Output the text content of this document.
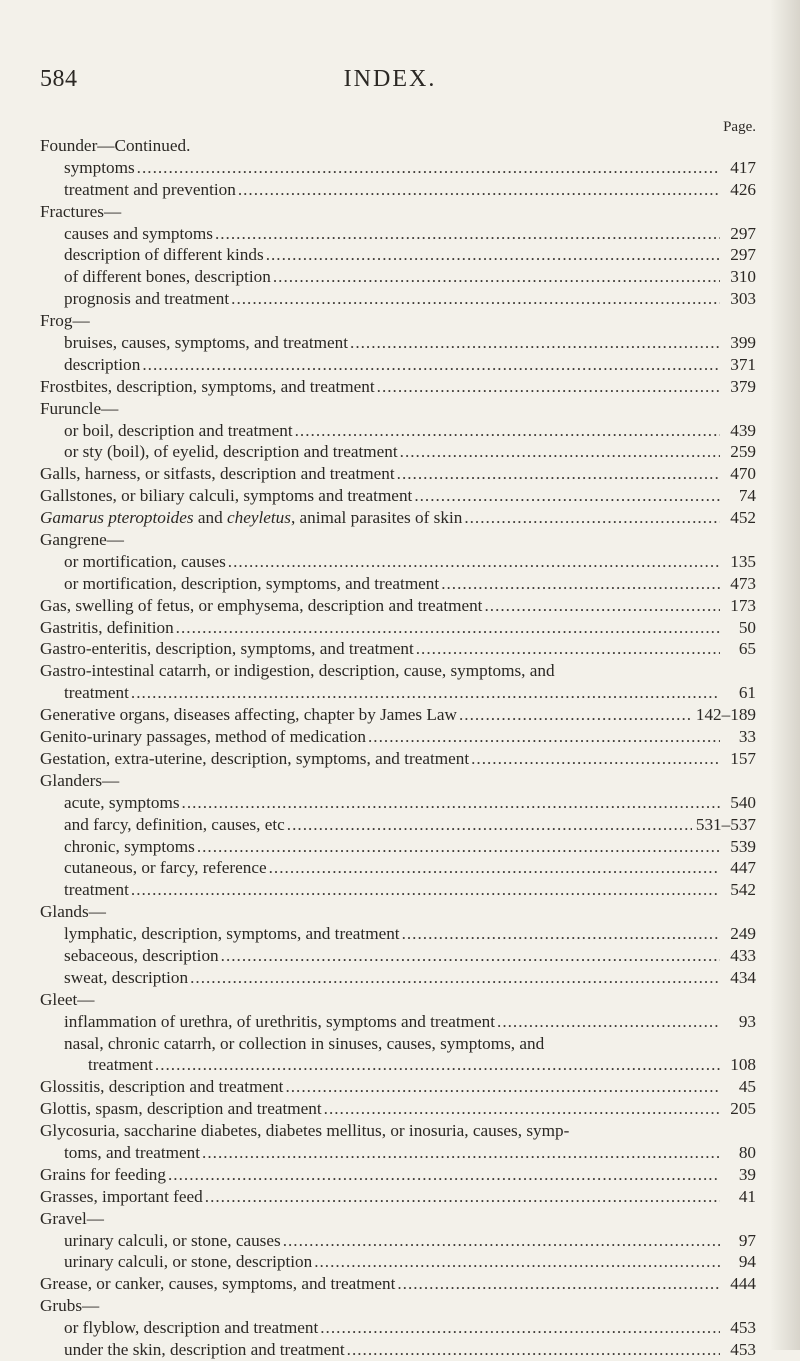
584	INDEX.
Page.
Founder—Continued.
symptoms .....	417
treatment and prevention .....	426
Fractures—
causes and symptoms .....	297
description of different kinds .....	297
of different bones, description .....	310
prognosis and treatment .....	303
Frog—
bruises, causes, symptoms, and treatment .....	399
description .....	371
Frostbites, description, symptoms, and treatment .....	379
Furuncle—
or boil, description and treatment .....	439
or sty (boil), of eyelid, description and treatment .....	259
Galls, harness, or sitfasts, description and treatment .....	470
Gallstones, or biliary calculi, symptoms and treatment .....	74
Gamarus pteroptoides and cheyletus, animal parasites of skin .....	452
Gangrene—
or mortification, causes .....	135
or mortification, description, symptoms, and treatment .....	473
Gas, swelling of fetus, or emphysema, description and treatment .....	173
Gastritis, definition .....	50
Gastro-enteritis, description, symptoms, and treatment .....	65
Gastro-intestinal catarrh, or indigestion, description, cause, symptoms, and
treatment .....	61
Generative organs, diseases affecting, chapter by James Law .....	142–189
Genito-urinary passages, method of medication .....	33
Gestation, extra-uterine, description, symptoms, and treatment .....	157
Glanders—
acute, symptoms .....	540
and farcy, definition, causes, etc .....	531–537
chronic, symptoms .....	539
cutaneous, or farcy, reference .....	447
treatment .....	542
Glands—
lymphatic, description, symptoms, and treatment .....	249
sebaceous, description .....	433
sweat, description .....	434
Gleet—
inflammation of urethra, of urethritis, symptoms and treatment .....	93
nasal, chronic catarrh, or collection in sinuses, causes, symptoms, and
treatment .....	108
Glossitis, description and treatment .....	45
Glottis, spasm, description and treatment .....	205
Glycosuria, saccharine diabetes, diabetes mellitus, or inosuria, causes, symp-
toms, and treatment .....	80
Grains for feeding .....	39
Grasses, important feed .....	41
Gravel—
urinary calculi, or stone, causes .....	97
urinary calculi, or stone, description .....	94
Grease, or canker, causes, symptoms, and treatment .....	444
Grubs—
or flyblow, description and treatment .....	453
under the skin, description and treatment .....	453
